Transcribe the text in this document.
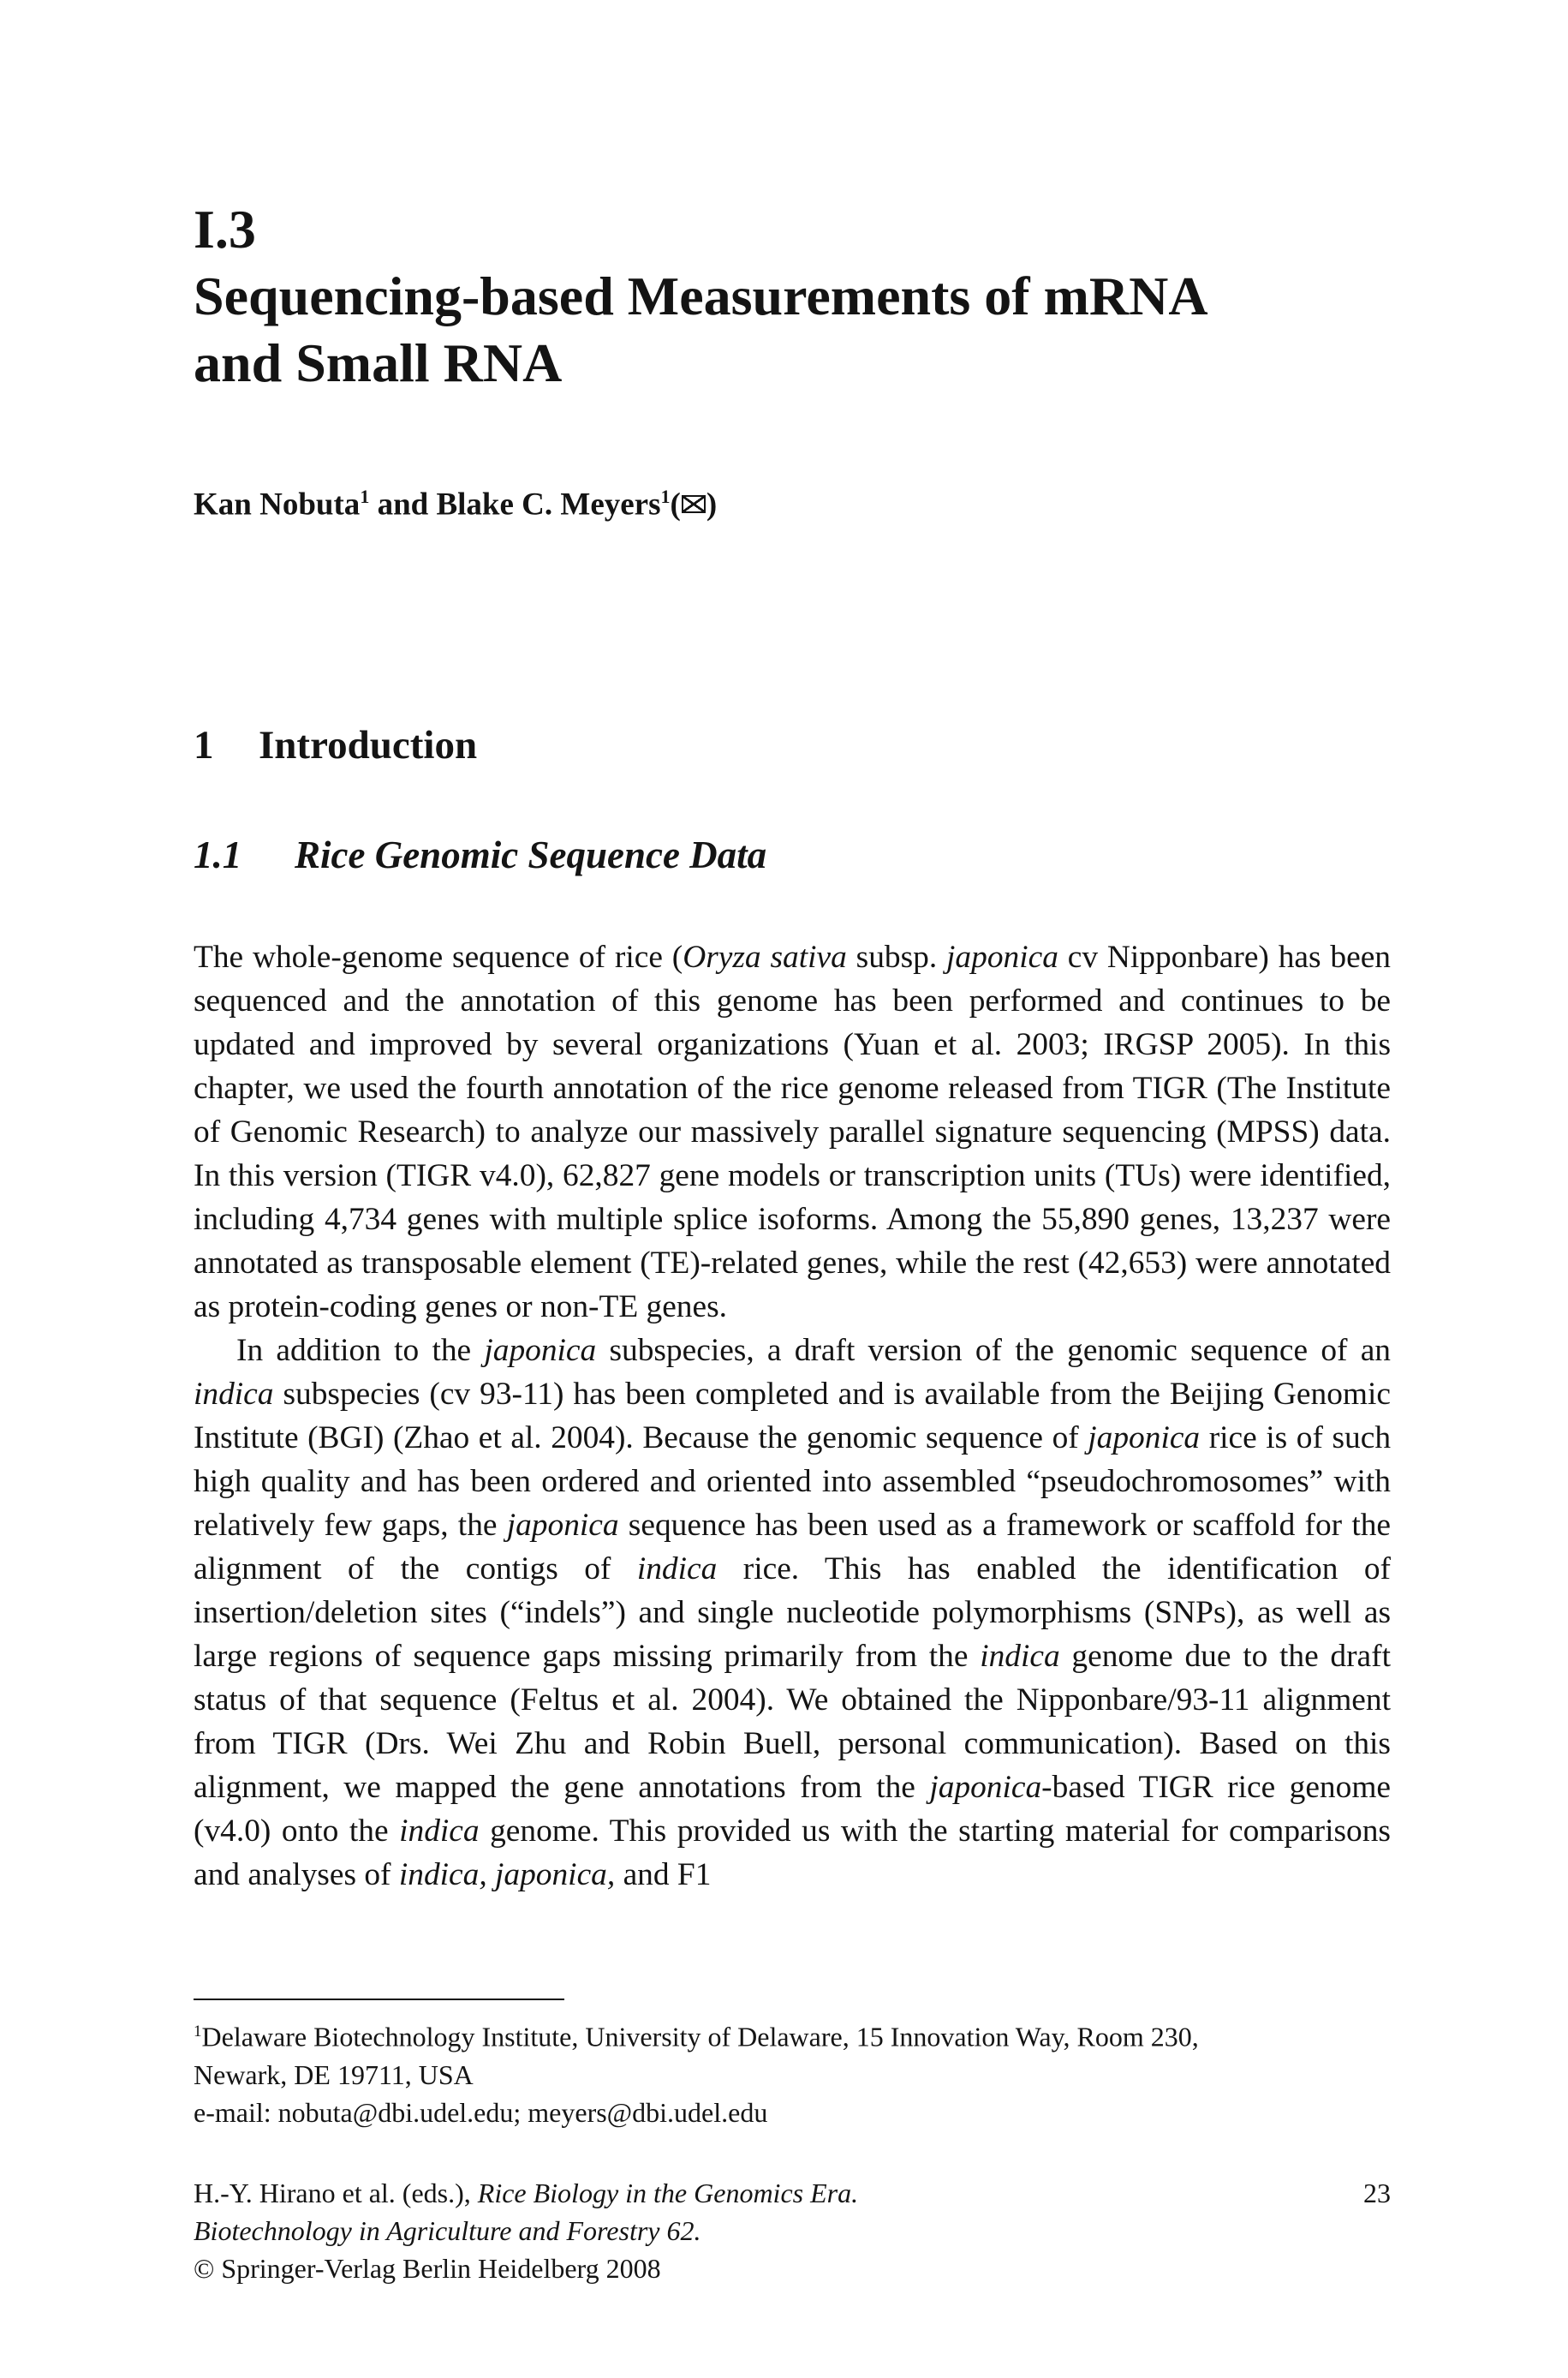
I.3
Sequencing-based Measurements of mRNA
and Small RNA
Kan Nobuta$^1$ and Blake C. Meyers$^1$( )
1 Introduction
1.1 Rice Genomic Sequence Data

The whole-genome sequence of rice (Oryza sativa subsp. japonica cv Nipponbare) has been sequenced and the annotation of this genome has been performed and continues to be updated and improved by several organizations (Yuan et al. 2003; IRGSP 2005). In this chapter, we used the fourth annotation of the rice genome released from TIGR (The Institute of Genomic Research) to analyze our massively parallel signature sequencing (MPSS) data. In this version (TIGR v4.0), 62,827 gene models or transcription units (TUs) were identified, including 4,734 genes with multiple splice isoforms. Among the 55,890 genes, 13,237 were annotated as transposable element (TE)-related genes, while the rest (42,653) were annotated as protein-coding genes or non-TE genes.

In addition to the japonica subspecies, a draft version of the genomic sequence of an indica subspecies (cv 93-11) has been completed and is available from the Beijing Genomic Institute (BGI) (Zhao et al. 2004). Because the genomic sequence of japonica rice is of such high quality and has been ordered and oriented into assembled “pseudochromosomes” with relatively few gaps, the japonica sequence has been used as a framework or scaffold for the alignment of the contigs of indica rice. This has enabled the identification of insertion/deletion sites (“indels”) and single nucleotide polymorphisms (SNPs), as well as large regions of sequence gaps missing primarily from the indica genome due to the draft status of that sequence (Feltus et al. 2004). We obtained the Nipponbare/93-11 alignment from TIGR (Drs. Wei Zhu and Robin Buell, personal communication). Based on this alignment, we mapped the gene annotations from the japonica-based TIGR rice genome (v4.0) onto the indica genome. This provided us with the starting material for comparisons and analyses of indica, japonica, and F1

$^1$Delaware Biotechnology Institute, University of Delaware, 15 Innovation Way, Room 230,
Newark, DE 19711, USA
e-mail: nobuta@dbi.udel.edu; meyers@dbi.udel.edu
H.-Y. Hirano et al. (eds.), Rice Biology in the Genomics Era.
Biotechnology in Agriculture and Forestry 62.
© Springer-Verlag Berlin Heidelberg 2008
23
